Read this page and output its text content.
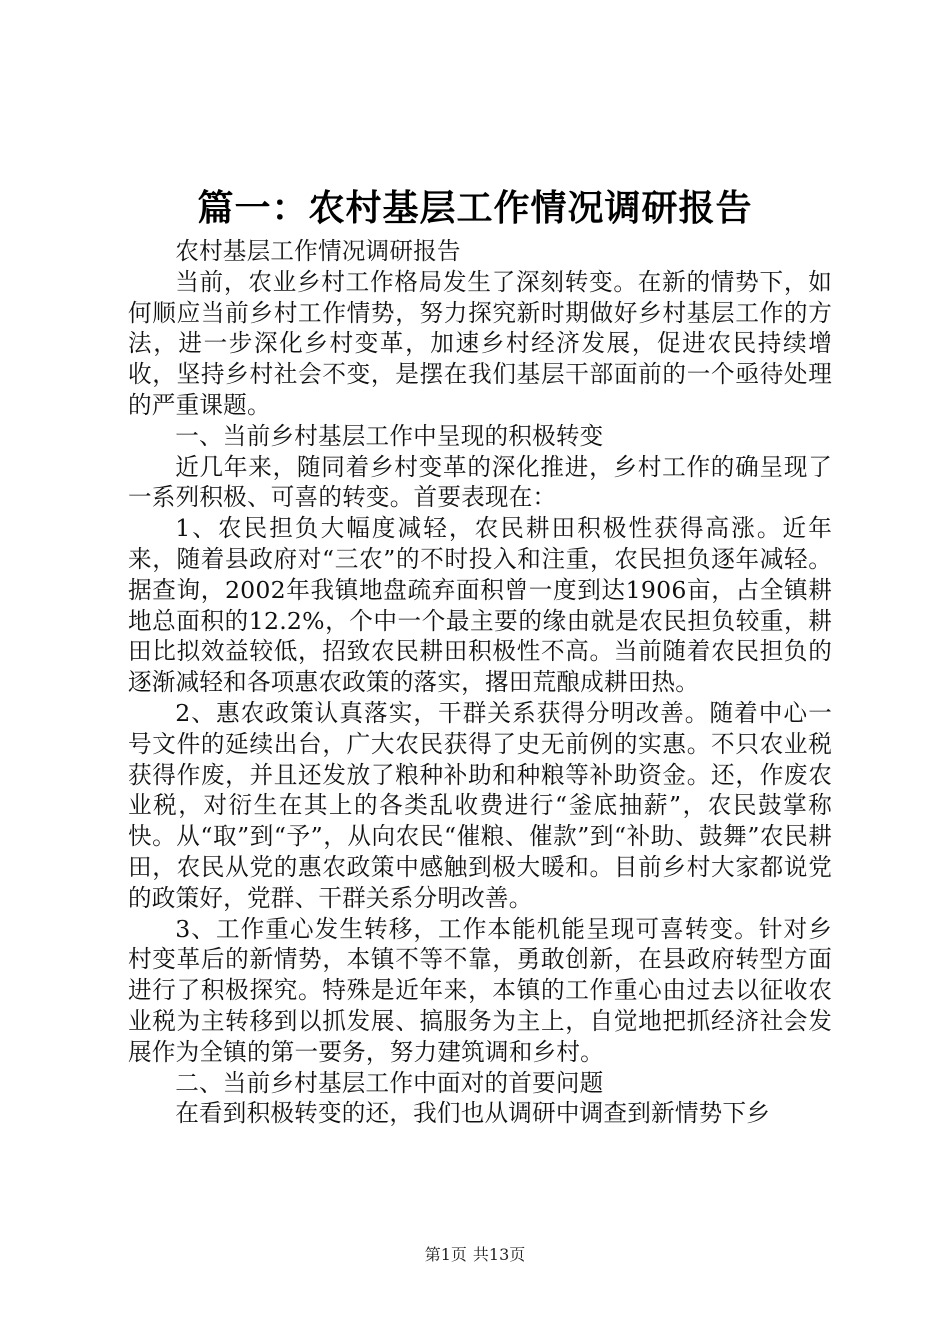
篇一：农村基层工作情况调研报告

农村基层工作情况调研报告

当前，农业乡村工作格局发生了深刻转变。在新的情势下，如何顺应当前乡村工作情势，努力探究新时期做好乡村基层工作的方法，进一步深化乡村变革，加速乡村经济发展，促进农民持续增收，坚持乡村社会不变，是摆在我们基层干部面前的一个亟待处理的严重课题。

一、当前乡村基层工作中呈现的积极转变

近几年来，随同着乡村变革的深化推进，乡村工作的确呈现了一系列积极、可喜的转变。首要表现在：

1、农民担负大幅度减轻，农民耕田积极性获得高涨。近年来，随着县政府对“三农”的不时投入和注重，农民担负逐年减轻。据查询，2002年我镇地盘疏弃面积曾一度到达1906亩，占全镇耕地总面积的12.2%，个中一个最主要的缘由就是农民担负较重，耕田比拟效益较低，招致农民耕田积极性不高。当前随着农民担负的逐渐减轻和各项惠农政策的落实，撂田荒酿成耕田热。

2、惠农政策认真落实，干群关系获得分明改善。随着中心一号文件的延续出台，广大农民获得了史无前例的实惠。不只农业税获得作废，并且还发放了粮种补助和种粮等补助资金。还，作废农业税，对衍生在其上的各类乱收费进行“釜底抽薪”，农民鼓掌称快。从“取”到“予”，从向农民“催粮、催款”到“补助、鼓舞”农民耕田，农民从党的惠农政策中感触到极大暖和。目前乡村大家都说党的政策好，党群、干群关系分明改善。

3、工作重心发生转移，工作本能机能呈现可喜转变。针对乡村变革后的新情势，本镇不等不靠，勇敢创新，在县政府转型方面进行了积极探究。特殊是近年来，本镇的工作重心由过去以征收农业税为主转移到以抓发展、搞服务为主上，自觉地把抓经济社会发展作为全镇的第一要务，努力建筑调和乡村。

二、当前乡村基层工作中面对的首要问题

在看到积极转变的还，我们也从调研中调查到新情势下乡

第1页 共13页
